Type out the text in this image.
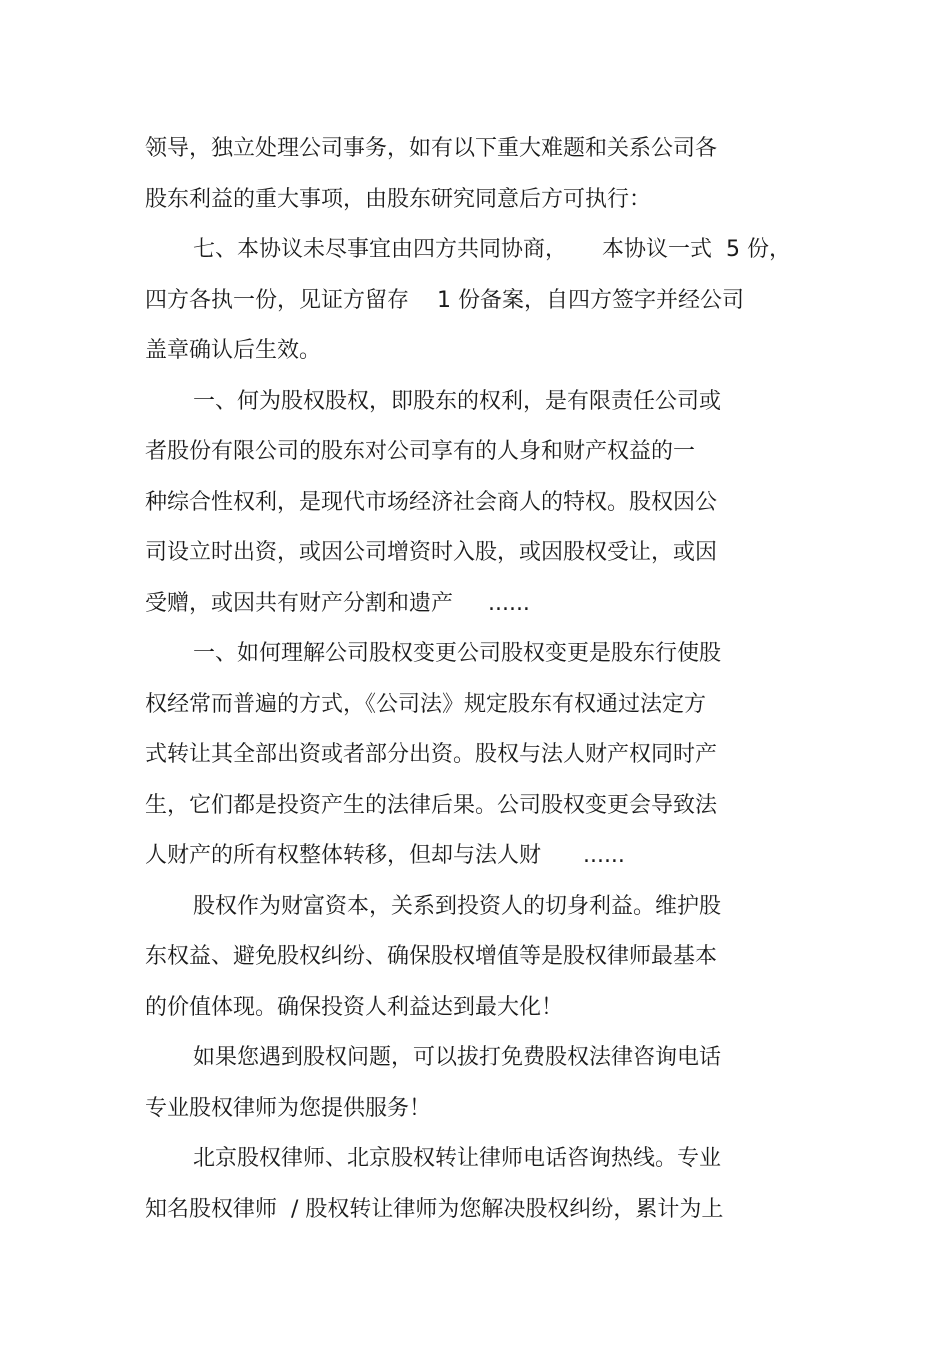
领导，独立处理公司事务，如有以下重大难题和关系公司各
股东利益的重大事项，由股东研究同意后方可执行：
七、本协议未尽事宜由四方共同协商，     本协议一式  5 份，
四方各执一份，见证方留存    1 份备案，自四方签字并经公司
盖章确认后生效。
一、何为股权股权，即股东的权利，是有限责任公司或
者股份有限公司的股东对公司享有的人身和财产权益的一
种综合性权利，是现代市场经济社会商人的特权。股权因公
司设立时出资，或因公司增资时入股，或因股权受让，或因
受赠，或因共有财产分割和遗产     ......
一、如何理解公司股权变更公司股权变更是股东行使股
权经常而普遍的方式，《公司法》规定股东有权通过法定方
式转让其全部出资或者部分出资。股权与法人财产权同时产
生，它们都是投资产生的法律后果。公司股权变更会导致法
人财产的所有权整体转移，但却与法人财      ......
股权作为财富资本，关系到投资人的切身利益。维护股
东权益、避免股权纠纷、确保股权增值等是股权律师最基本
的价值体现。确保投资人利益达到最大化！
如果您遇到股权问题，可以拔打免费股权法律咨询电话
专业股权律师为您提供服务！
北京股权律师、北京股权转让律师电话咨询热线。专业
知名股权律师  / 股权转让律师为您解决股权纠纷，累计为上
